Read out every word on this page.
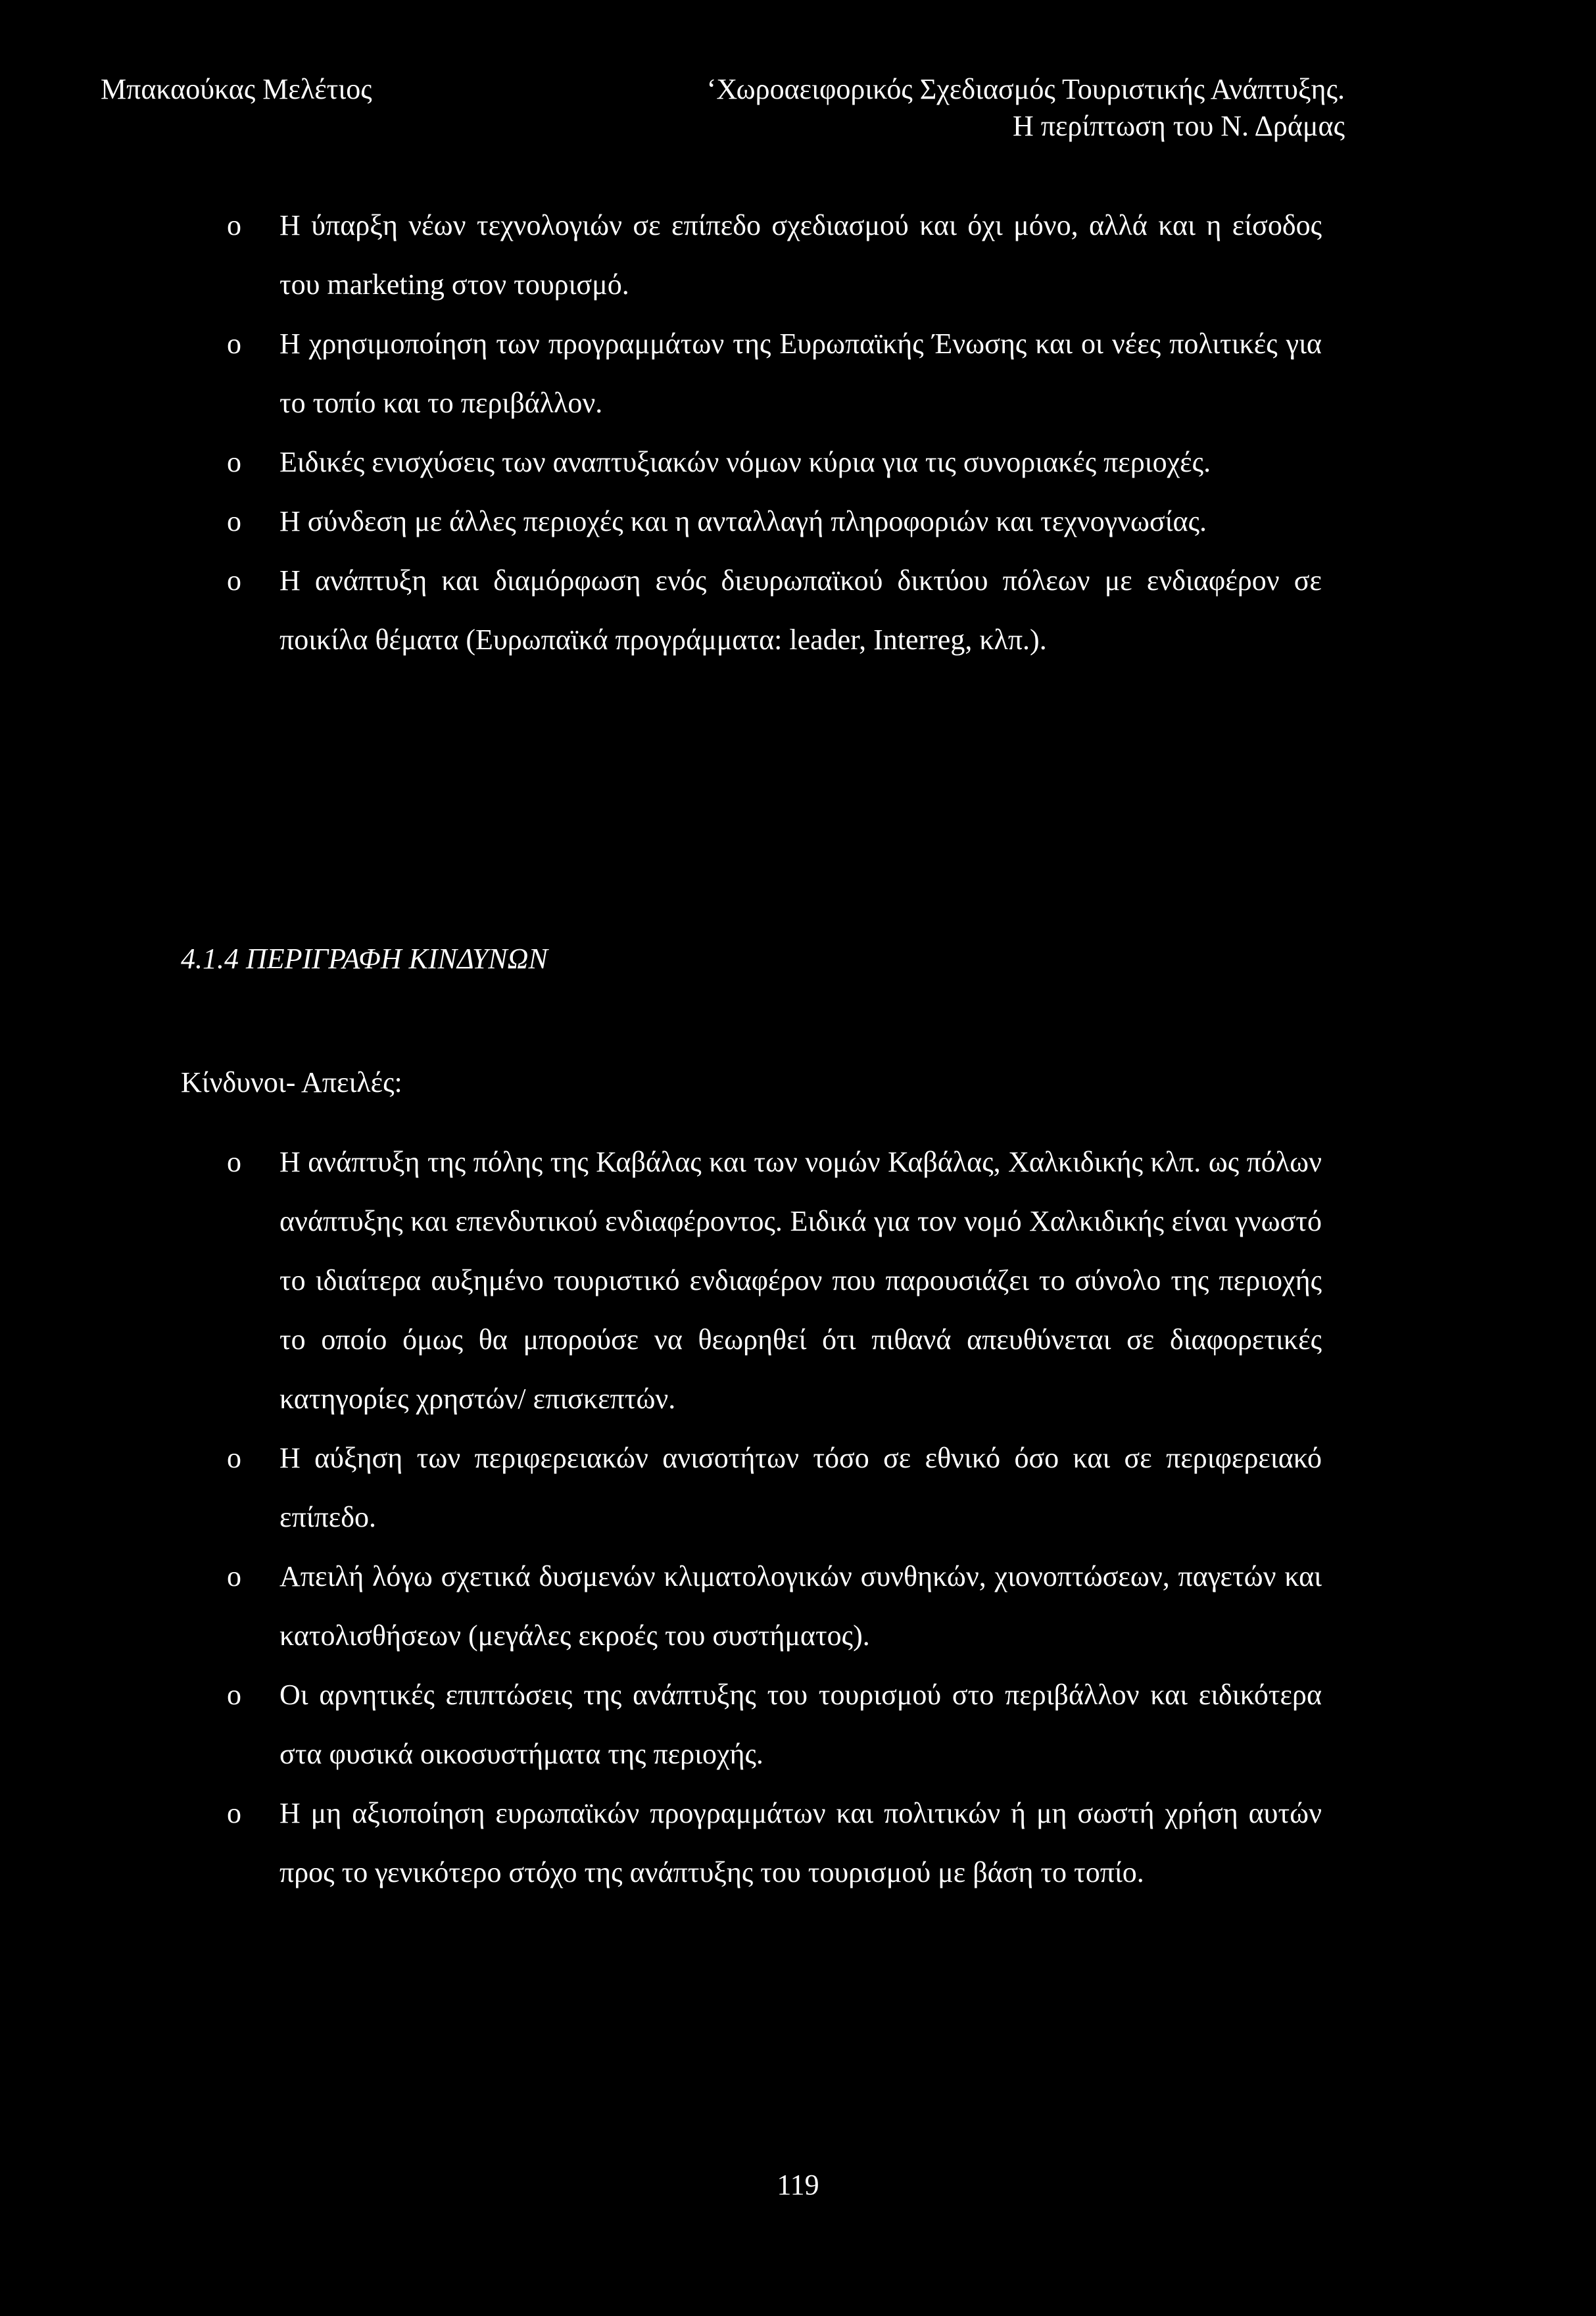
Μπακαούκας Μελέτιος	‘Χωροαειφορικός Σχεδιασμός Τουριστικής Ανάπτυξης.
Η περίπτωση του Ν. Δράμας
o Η ύπαρξη νέων τεχνολογιών σε επίπεδο σχεδιασμού και όχι μόνο, αλλά και η είσοδος του marketing στον τουρισμό.
o Η χρησιμοποίηση των προγραμμάτων της Ευρωπαϊκής Ένωσης και οι νέες πολιτικές για το τοπίο και το περιβάλλον.
o Ειδικές ενισχύσεις των αναπτυξιακών νόμων κύρια για τις συνοριακές περιοχές.
o Η σύνδεση με άλλες περιοχές και η ανταλλαγή πληροφοριών και τεχνογνωσίας.
o Η ανάπτυξη και διαμόρφωση ενός διευρωπαϊκού δικτύου πόλεων με ενδιαφέρον σε ποικίλα θέματα (Ευρωπαϊκά προγράμματα: leader, Interreg, κλπ.).
4.1.4 ΠΕΡΙΓΡΑΦΗ ΚΙΝΔΥΝΩΝ
Κίνδυνοι- Απειλές:
o Η ανάπτυξη της πόλης της Καβάλας και των νομών Καβάλας, Χαλκιδικής κλπ. ως πόλων ανάπτυξης και επενδυτικού ενδιαφέροντος. Ειδικά για τον νομό Χαλκιδικής είναι γνωστό το ιδιαίτερα αυξημένο τουριστικό ενδιαφέρον που παρουσιάζει το σύνολο της περιοχής το οποίο όμως θα μπορούσε να θεωρηθεί ότι πιθανά απευθύνεται σε διαφορετικές κατηγορίες χρηστών/ επισκεπτών.
o Η αύξηση των περιφερειακών ανισοτήτων τόσο σε εθνικό όσο και σε περιφερειακό επίπεδο.
o Απειλή λόγω σχετικά δυσμενών κλιματολογικών συνθηκών, χιονοπτώσεων, παγετών και κατολισθήσεων (μεγάλες εκροές του συστήματος).
o Οι αρνητικές επιπτώσεις της ανάπτυξης του τουρισμού στο περιβάλλον και ειδικότερα στα φυσικά οικοσυστήματα της περιοχής.
o Η μη αξιοποίηση ευρωπαϊκών προγραμμάτων και πολιτικών ή μη σωστή χρήση αυτών προς το γενικότερο στόχο της ανάπτυξης του τουρισμού με βάση το τοπίο.
119
